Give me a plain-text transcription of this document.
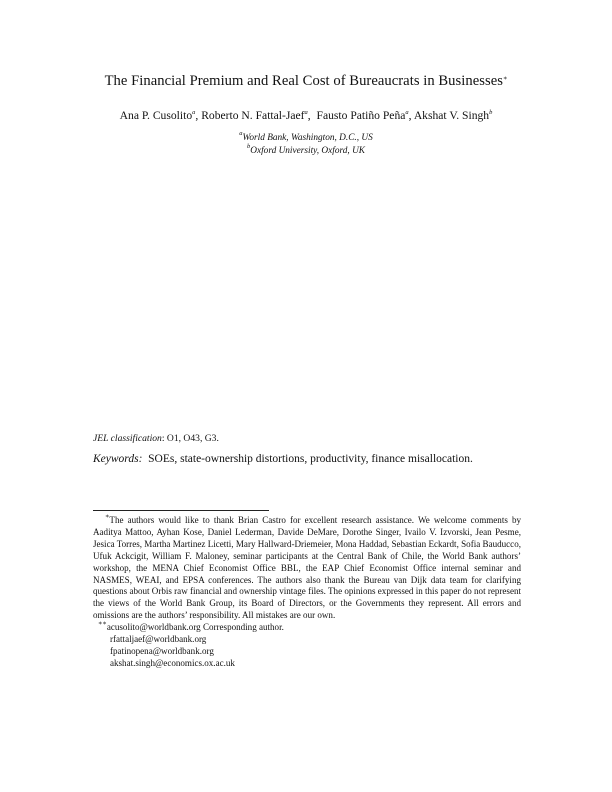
The Financial Premium and Real Cost of Bureaucrats in Businesses∗
Ana P. Cusolito$^a$, Roberto N. Fattal-Jaef$^a$,  Fausto Patiño Peña$^a$, Akshat V. Singh$^b$
$^a$World Bank, Washington, D.C., US
$^b$Oxford University, Oxford, UK
JEL classification: O1, O43, G3.
Keywords:  SOEs, state-ownership distortions, productivity, finance misallocation.

∗The authors would like to thank Brian Castro for excellent research assistance. We welcome comments by Aaditya Mattoo, Ayhan Kose, Daniel Lederman, Davide DeMare, Dorothe Singer, Ivailo V. Izvorski, Jean Pesme, Jesica Torres, Martha Martinez Licetti, Mary Hallward-Driemeier, Mona Haddad, Sebastian Eckardt, Sofia Bauducco, Ufuk Ackcigit, William F. Maloney, seminar participants at the Central Bank of Chile, the World Bank authors’ workshop, the MENA Chief Economist Office BBL, the EAP Chief Economist Office internal seminar and NASMES, WEAI, and EPSA conferences. The authors also thank the Bureau van Dijk data team for clarifying questions about Orbis raw financial and ownership vintage files. The opinions expressed in this paper do not represent the views of the World Bank Group, its Board of Directors, or the Governments they represent. All errors and omissions are the authors’ responsibility. All mistakes are our own.

∗∗acusolito@worldbank.org Corresponding author.

rfattaljaef@worldbank.org

fpatinopena@worldbank.org

akshat.singh@economics.ox.ac.uk
